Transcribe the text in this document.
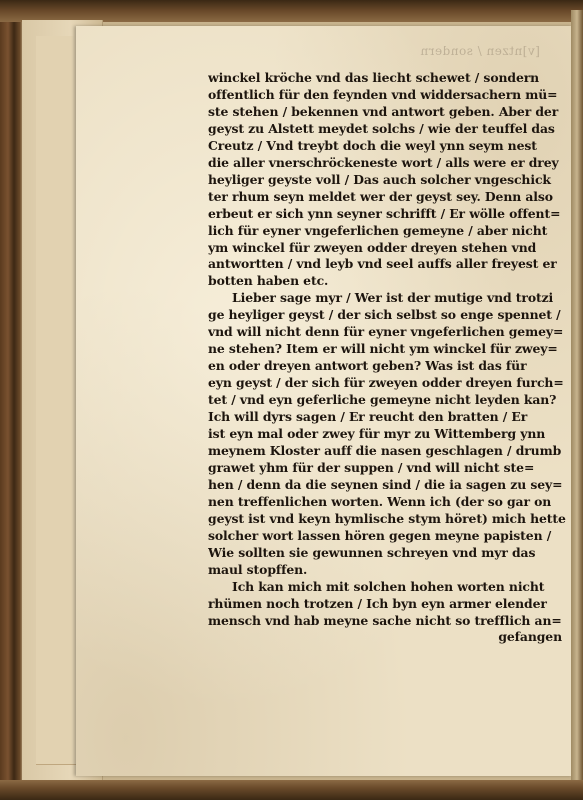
[v]ntzen / sondern
winckel kröche vnd das liecht schewet / sondern
offentlich für den feynden vnd widdersachern mü=
ste stehen / bekennen vnd antwort geben. Aber der
geyst zu Alstett meydet solchs / wie der teuffel das
Creutz / Vnd treybt doch die weyl ynn seym nest
die aller vnerschröckeneste wort / alls were er drey
heyliger geyste voll / Das auch solcher vngeschick
ter rhum seyn meldet wer der geyst sey. Denn also
erbeut er sich ynn seyner schrifft / Er wölle offent=
lich für eyner vngeferlichen gemeyne / aber nicht
ym winckel für zweyen odder dreyen stehen vnd
antwortten / vnd leyb vnd seel auffs aller freyest er
botten haben etc.
Lieber sage myr / Wer ist der mutige vnd trotzi
ge heyliger geyst / der sich selbst so enge spennet /
vnd will nicht denn für eyner vngeferlichen gemey=
ne stehen? Item er will nicht ym winckel für zwey=
en oder dreyen antwort geben? Was ist das für
eyn geyst / der sich für zweyen odder dreyen furch=
tet / vnd eyn geferliche gemeyne nicht leyden kan?
Ich will dyrs sagen / Er reucht den bratten / Er
ist eyn mal oder zwey für myr zu Wittemberg ynn
meynem Kloster auff die nasen geschlagen / drumb
grawet yhm für der suppen / vnd will nicht ste=
hen / denn da die seynen sind / die ia sagen zu sey=
nen treffenlichen worten. Wenn ich (der so gar on
geyst ist vnd keyn hymlische stym höret) mich hette
solcher wort lassen hören gegen meyne papisten /
Wie sollten sie gewunnen schreyen vnd myr das
maul stopffen.
Ich kan mich mit solchen hohen worten nicht
rhümen noch trotzen / Ich byn eyn armer elender
mensch vnd hab meyne sache nicht so trefflich an=
gefangen
